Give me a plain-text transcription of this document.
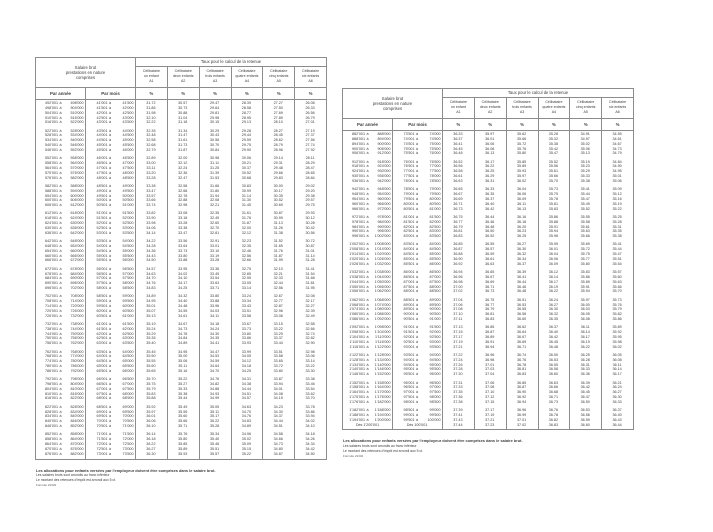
Salaire brut
prestations en nature
comprises
Taux pour le calcul de la retenue
Célibataire
un enfant
A1
Célibataire
deux enfants
A2
Célibataire
trois enfants
A3
Célibataire
quatre enfants
A4
Célibataire
cinq enfants
A5
Célibataire
six enfants
A6
Par année	Par mois	%	%	%	%	%	%
492'001 à	498'000	41'001 à	41'500	31.72	30.57	29.47	28.39	27.27	26.08
498'001 à	504'000	41'501 à	42'000	31.86	30.73	29.64	28.58	27.50	26.33
504'001 à	510'000	42'001 à	42'500	31.98	30.88	29.81	28.77	27.69	26.56
510'001 à	516'000	42'501 à	43'000	32.10	31.04	29.98	28.95	27.89	26.79
516'001 à	522'000	43'001 à	43'500	32.22	31.18	30.15	29.13	28.10	27.01
522'001 à	528'000	43'501 à	44'000	32.35	31.34	30.29	29.28	28.27	27.19
528'001 à	534'000	44'001 à	44'500	32.48	31.47	30.43	29.44	28.45	27.37
534'001 à	540'000	44'501 à	45'000	32.58	31.61	30.56	29.59	28.62	27.56
540'001 à	546'000	45'001 à	45'500	32.68	31.73	30.70	29.75	28.79	27.74
546'001 à	552'000	45'501 à	46'000	32.79	31.87	30.84	29.90	28.96	27.92
552'001 à	558'000	46'001 à	46'500	32.89	32.00	30.98	30.06	29.14	28.11
558'001 à	564'000	46'501 à	47'000	33.00	32.12	31.11	30.21	29.31	28.29
564'001 à	570'000	47'001 à	47'500	33.11	32.24	31.25	30.37	29.48	28.47
570'001 à	576'000	47'501 à	48'000	33.20	32.36	31.39	30.52	29.66	28.65
576'001 à	582'000	48'001 à	48'500	33.28	32.47	31.53	30.68	29.83	28.84
582'001 à	588'000	48'501 à	49'000	33.38	32.58	31.66	30.83	30.00	29.02
588'001 à	594'000	49'001 à	49'500	33.47	32.68	31.80	30.99	30.17	29.20
594'001 à	600'000	49'501 à	50'000	33.57	32.78	31.94	31.14	30.35	29.38
600'001 à	606'000	50'001 à	50'500	33.66	32.88	32.08	31.30	30.52	29.57
606'001 à	612'000	50'501 à	51'000	33.74	32.98	32.21	31.45	30.69	29.75
612'001 à	618'000	51'001 à	51'500	33.82	33.08	32.35	31.61	30.87	29.93
618'001 à	624'000	51'501 à	52'000	33.90	33.18	32.49	31.76	30.99	30.12
624'001 à	630'000	52'001 à	52'500	33.98	33.28	32.60	31.87	31.13	30.28
630'001 à	636'000	52'501 à	53'000	34.06	33.38	32.70	32.00	31.26	30.42
636'001 à	642'000	53'001 à	53'500	34.14	33.47	32.81	32.12	31.38	30.56
642'001 à	648'000	53'501 à	54'000	34.22	33.56	32.91	32.23	31.52	30.72
648'001 à	654'000	54'001 à	54'500	34.28	33.64	33.01	32.35	31.65	30.87
654'001 à	660'000	54'501 à	55'000	34.36	33.73	33.10	32.46	31.76	31.01
660'001 à	666'000	55'001 à	55'500	34.43	33.80	33.19	32.56	31.87	31.14
666'001 à	672'000	55'501 à	56'000	34.50	33.88	33.28	32.66	31.99	31.28
672'001 à	678'000	56'001 à	56'500	34.57	33.95	33.36	32.75	32.10	31.41
678'001 à	684'000	56'501 à	57'000	34.63	34.02	33.45	32.85	32.21	31.54
684'001 à	690'000	57'001 à	57'500	34.70	34.10	33.54	32.95	32.33	31.68
690'001 à	696'000	57'501 à	58'000	34.76	34.17	33.63	33.05	32.44	31.81
696'001 à	702'000	58'001 à	58'500	34.83	34.25	33.71	33.14	32.56	31.95
702'001 à	708'000	58'501 à	59'000	34.89	34.32	33.80	33.24	32.67	32.08
708'001 à	714'000	59'001 à	59'500	34.95	34.40	33.88	33.34	32.77	32.17
714'001 à	720'000	59'501 à	60'000	35.01	34.48	33.96	33.43	32.87	32.27
720'001 à	726'000	60'001 à	60'500	35.07	34.55	34.03	33.51	32.96	32.39
726'001 à	732'000	60'501 à	61'000	35.13	34.61	34.11	33.58	33.06	32.49
732'001 à	738'000	61'001 à	61'500	35.19	34.67	34.18	33.67	33.15	32.58
738'001 à	744'000	61'501 à	62'000	35.24	34.73	34.24	33.73	33.22	32.66
744'001 à	750'000	62'001 à	62'500	35.29	34.78	34.30	33.80	33.29	32.74
750'001 à	756'000	62'501 à	63'000	35.35	34.84	34.35	33.86	33.37	32.82
756'001 à	762'000	63'001 à	63'500	35.40	34.89	34.41	33.93	33.44	32.90
762'001 à	768'000	63'501 à	64'000	35.45	34.95	34.47	33.99	33.51	32.98
768'001 à	774'000	64'001 à	64'500	35.50	35.00	34.53	34.05	33.58	33.06
774'001 à	780'000	64'501 à	65'000	35.55	35.06	34.59	34.12	33.65	33.14
780'001 à	786'000	65'001 à	65'500	35.60	35.11	34.64	34.18	33.72	33.22
786'001 à	792'000	65'501 à	66'000	35.65	35.16	34.70	34.25	33.80	33.30
792'001 à	798'000	66'001 à	66'500	35.70	35.22	34.76	34.31	33.87	33.38
798'001 à	804'000	66'501 à	67'000	35.75	35.27	34.82	34.38	33.94	33.46
804'001 à	810'000	67'001 à	67'500	35.79	35.33	34.88	34.44	34.01	33.54
810'001 à	816'000	67'501 à	68'000	35.83	35.38	34.93	34.51	34.08	33.62
816'001 à	822'000	68'001 à	68'500	35.88	35.44	34.99	34.57	34.15	33.70
822'001 à	828'000	68'501 à	69'000	35.92	35.49	35.05	34.63	34.23	33.78
828'001 à	834'000	69'001 à	69'500	35.97	35.55	35.11	34.70	34.30	33.86
834'001 à	840'000	69'501 à	70'000	36.01	35.60	35.17	34.76	34.37	33.94
840'001 à	846'000	70'001 à	70'500	36.06	35.66	35.22	34.83	34.44	34.02
846'001 à	852'000	70'501 à	71'000	36.10	35.71	35.28	34.89	34.51	34.10
852'001 à	858'000	71'001 à	71'500	36.14	35.76	35.34	34.96	34.58	34.18
858'001 à	864'000	71'501 à	72'000	36.18	35.80	35.40	35.02	34.66	34.26
864'001 à	870'000	72'001 à	72'500	36.22	35.85	35.46	35.09	34.73	34.34
870'001 à	876'000	72'501 à	73'000	36.27	35.89	35.51	35.15	34.80	34.42
876'001 à	882'000	73'001 à	73'500	36.30	35.93	35.57	35.22	34.87	34.50
Les allocations pour enfants versées par l'employeur doivent être comprises dans le salaire brut.
Les salaires bruts sont arrondis au franc inférieur
Le montant des retenues d'impôt est arrondi aux 5 ct.
Formule 21332
Salaire brut
prestations en nature
comprises
Taux pour le calcul de la retenue
Célibataire
un enfant
A1
Célibataire
deux enfants
A2
Célibataire
trois enfants
A3
Célibataire
quatre enfants
A4
Célibataire
cinq enfants
A5
Célibataire
six enfants
A6
Par année	Par mois	%	%	%	%	%	%
882'001 à	888'000	73'501 à	74'000	36.33	35.97	35.62	35.28	34.91	34.55
888'001 à	894'000	74'001 à	74'500	36.37	36.01	35.66	35.32	34.97	34.61
894'001 à	900'000	74'501 à	75'000	36.41	36.06	35.72	35.38	35.02	34.67
900'001 à	906'000	75'001 à	75'500	36.45	36.08	35.76	35.42	35.06	34.73
906'001 à	912'000	75'501 à	76'000	36.48	36.13	35.80	35.47	35.13	34.79
912'001 à	918'000	76'001 à	76'500	36.52	36.17	35.85	35.52	35.19	34.84
918'001 à	924'000	76'501 à	77'000	36.56	36.22	35.89	35.56	35.23	34.90
924'001 à	930'000	77'001 à	77'500	36.58	36.25	35.93	35.61	35.29	34.95
930'001 à	936'000	77'501 à	78'000	36.61	36.29	35.97	35.66	35.33	35.01
936'001 à	942'000	78'001 à	78'500	36.63	36.31	36.02	35.70	35.38	35.06
942'001 à	948'000	78'501 à	79'000	36.65	36.33	36.04	35.73	35.41	35.09
948'001 à	954'000	79'001 à	79'500	36.67	36.35	36.06	35.75	35.44	35.12
954'001 à	960'000	79'501 à	80'000	36.69	36.37	36.09	35.78	35.47	35.16
960'001 à	966'000	80'001 à	80'500	36.71	36.40	36.11	35.81	35.49	35.19
966'001 à	972'000	80'501 à	81'000	36.73	36.42	36.13	35.83	35.52	35.22
972'001 à	978'000	81'001 à	81'500	36.75	36.44	36.16	35.86	35.55	35.25
978'001 à	984'000	81'501 à	82'000	36.77	36.46	36.18	35.88	35.58	35.28
984'001 à	990'000	82'001 à	82'500	36.79	36.48	36.20	35.91	35.61	35.31
990'001 à	996'000	82'501 à	83'000	36.81	36.50	36.23	35.94	35.63	35.35
996'001 à	1'002'000	83'001 à	83'500	36.83	36.52	36.25	35.96	35.66	35.38
1'002'001 à	1'008'000	83'501 à	84'000	36.85	36.55	36.27	35.99	35.69	35.41
1'008'001 à	1'014'000	84'001 à	84'500	36.87	36.57	36.30	36.01	35.72	35.44
1'014'001 à	1'020'000	84'501 à	85'000	36.88	36.59	36.32	36.04	35.75	35.47
1'020'001 à	1'026'000	85'001 à	85'500	36.90	36.61	36.34	36.06	35.77	35.51
1'026'001 à	1'032'000	85'501 à	86'000	36.92	36.63	36.37	36.09	35.80	35.54
1'032'001 à	1'038'000	86'001 à	86'500	36.94	36.65	36.39	36.12	35.83	35.57
1'038'001 à	1'044'000	86'501 à	87'000	36.96	36.67	36.41	36.14	35.86	35.60
1'044'001 à	1'050'000	87'001 à	87'500	36.98	36.69	36.44	36.17	35.89	35.63
1'050'001 à	1'056'000	87'501 à	88'000	37.00	36.71	36.46	36.19	35.91	35.66
1'056'001 à	1'062'000	88'001 à	88'500	37.02	36.73	36.48	36.22	35.94	35.70
1'062'001 à	1'068'000	88'501 à	89'000	37.04	36.75	36.51	36.24	35.97	35.73
1'068'001 à	1'074'000	89'001 à	89'500	37.06	36.77	36.53	36.27	36.00	35.76
1'074'001 à	1'080'000	89'501 à	90'000	37.08	36.79	36.55	36.30	36.03	35.79
1'080'001 à	1'086'000	90'001 à	90'500	37.10	36.81	36.58	36.32	36.05	35.82
1'086'001 à	1'092'000	90'501 à	91'000	37.11	36.83	36.60	36.35	36.08	35.86
1'092'001 à	1'098'000	91'001 à	91'500	37.13	36.85	36.62	36.37	36.11	35.89
1'098'001 à	1'104'000	91'501 à	92'000	37.15	36.87	36.64	36.40	36.14	35.92
1'104'001 à	1'110'000	92'001 à	92'500	37.17	36.89	36.67	36.42	36.17	35.95
1'110'001 à	1'116'000	92'501 à	93'000	37.19	36.91	36.69	36.45	36.19	35.98
1'116'001 à	1'122'000	93'001 à	93'500	37.21	36.94	36.71	36.48	36.22	36.02
1'122'001 à	1'128'000	93'501 à	94'000	37.22	36.96	36.74	36.50	36.25	36.05
1'128'001 à	1'134'000	94'001 à	94'500	37.24	36.98	36.76	36.53	36.28	36.08
1'134'001 à	1'140'000	94'501 à	95'000	37.26	37.01	36.78	36.55	36.31	36.11
1'140'001 à	1'146'000	95'001 à	95'500	37.28	37.03	36.81	36.58	36.33	36.14
1'146'001 à	1'152'000	95'501 à	96'000	37.30	37.04	36.83	36.60	36.36	36.17
1'152'001 à	1'158'000	96'001 à	96'500	37.31	37.06	36.85	36.63	36.39	36.21
1'158'001 à	1'164'000	96'501 à	97'000	37.33	37.08	36.87	36.66	36.42	36.24
1'164'001 à	1'170'000	97'001 à	97'500	37.35	37.10	36.90	36.68	36.45	36.27
1'170'001 à	1'176'000	97'501 à	98'000	37.36	37.12	36.92	36.71	36.47	36.30
1'176'001 à	1'182'000	98'001 à	98'500	37.38	37.15	36.94	36.73	36.50	36.33
1'182'001 à	1'188'000	98'501 à	99'000	37.39	37.17	36.96	36.76	36.53	36.37
1'188'001 à	1'194'000	99'001 à	99'500	37.41	37.19	36.99	36.78	36.56	36.40
1'194'001 à	1'200'000	99'501 à	100'000	37.43	37.21	37.01	36.82	36.59	36.43
Dès 1'200'001	Dès 100'001	37.44	37.23	37.02	36.83	36.60	36.44
Les allocations pour enfants versées par l'employeur doivent être comprises dans le salaire brut.
Les salaires bruts sont arrondis au franc inférieur
Le montant des retenues d'impôt est arrondi aux 5 ct.
Formule 21332
